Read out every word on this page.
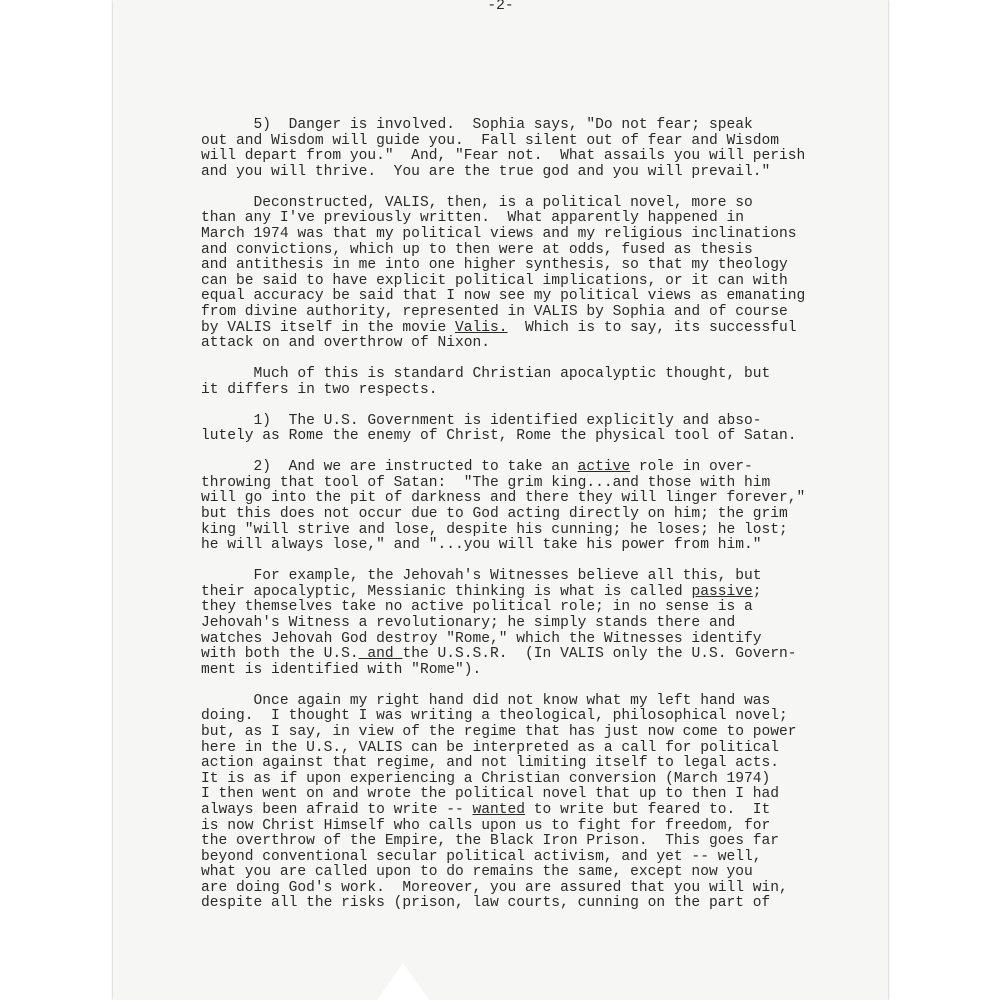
-2-
5)  Danger is involved.  Sophia says, "Do not fear; speak
out and Wisdom will guide you.  Fall silent out of fear and Wisdom
will depart from you."  And, "Fear not.  What assails you will perish
and you will thrive.  You are the true god and you will prevail."
Deconstructed, VALIS, then, is a political novel, more so
than any I've previously written.  What apparently happened in
March 1974 was that my political views and my religious inclinations
and convictions, which up to then were at odds, fused as thesis
and antithesis in me into one higher synthesis, so that my theology
can be said to have explicit political implications, or it can with
equal accuracy be said that I now see my political views as emanating
from divine authority, represented in VALIS by Sophia and of course
by VALIS itself in the movie Valis.  Which is to say, its successful
attack on and overthrow of Nixon.
Much of this is standard Christian apocalyptic thought, but
it differs in two respects.
1)  The U.S. Government is identified explicitly and abso-
lutely as Rome the enemy of Christ, Rome the physical tool of Satan.
2)  And we are instructed to take an active role in over-
throwing that tool of Satan:  "The grim king...and those with him
will go into the pit of darkness and there they will linger forever,"
but this does not occur due to God acting directly on him; the grim
king "will strive and lose, despite his cunning; he loses; he lost;
he will always lose," and "...you will take his power from him."
For example, the Jehovah's Witnesses believe all this, but
their apocalyptic, Messianic thinking is what is called passive;
they themselves take no active political role; in no sense is a
Jehovah's Witness a revolutionary; he simply stands there and
watches Jehovah God destroy "Rome," which the Witnesses identify
with both the U.S. and the U.S.S.R.  (In VALIS only the U.S. Govern-
ment is identified with "Rome").
Once again my right hand did not know what my left hand was
doing.  I thought I was writing a theological, philosophical novel;
but, as I say, in view of the regime that has just now come to power
here in the U.S., VALIS can be interpreted as a call for political
action against that regime, and not limiting itself to legal acts.
It is as if upon experiencing a Christian conversion (March 1974)
I then went on and wrote the political novel that up to then I had
always been afraid to write -- wanted to write but feared to.  It
is now Christ Himself who calls upon us to fight for freedom, for
the overthrow of the Empire, the Black Iron Prison.  This goes far
beyond conventional secular political activism, and yet -- well,
what you are called upon to do remains the same, except now you
are doing God's work.  Moreover, you are assured that you will win,
despite all the risks (prison, law courts, cunning on the part of
